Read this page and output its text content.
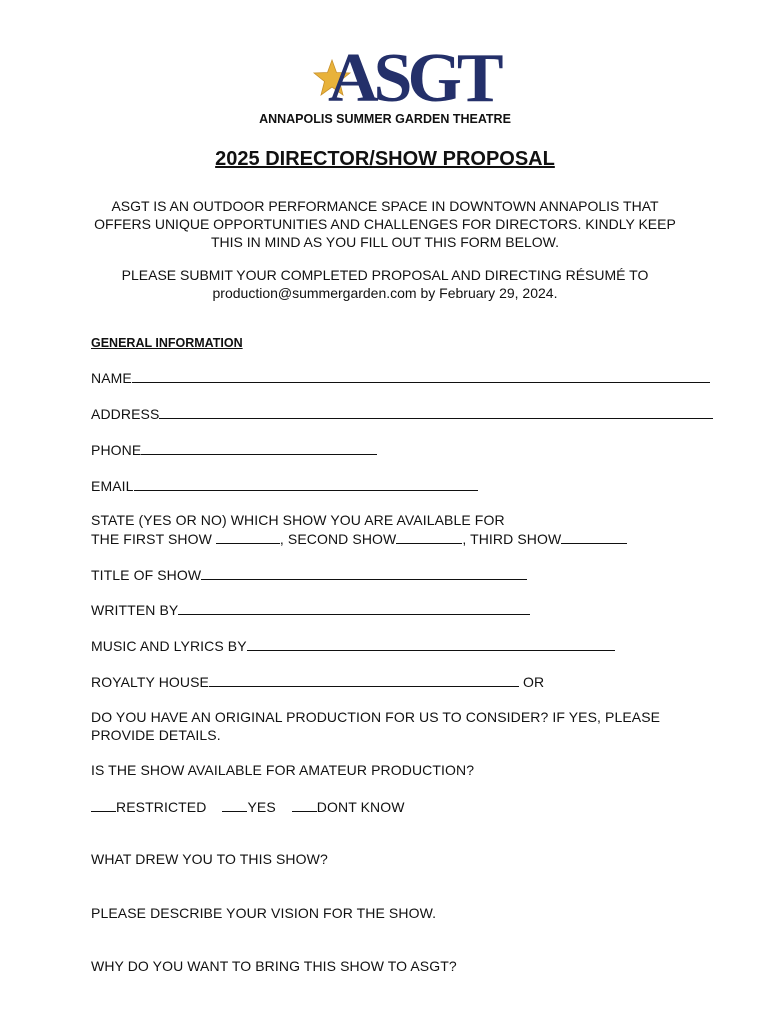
ASGT
ANNAPOLIS SUMMER GARDEN THEATRE
2025 DIRECTOR/SHOW PROPOSAL
ASGT IS AN OUTDOOR PERFORMANCE SPACE IN DOWNTOWN ANNAPOLIS THAT
OFFERS UNIQUE OPPORTUNITIES AND CHALLENGES FOR DIRECTORS. KINDLY KEEP
THIS IN MIND AS YOU FILL OUT THIS FORM BELOW.
PLEASE SUBMIT YOUR COMPLETED PROPOSAL AND DIRECTING RÉSUMÉ TO
production@summergarden.com by February 29, 2024.
GENERAL INFORMATION
NAME
ADDRESS
PHONE
EMAIL
STATE (YES OR NO) WHICH SHOW YOU ARE AVAILABLE FOR
THE FIRST SHOW	, SECOND SHOW	, THIRD SHOW
TITLE OF SHOW
WRITTEN BY
MUSIC AND LYRICS BY
ROYALTY HOUSE	OR
DO YOU HAVE AN ORIGINAL PRODUCTION FOR US TO CONSIDER? IF YES, PLEASE
PROVIDE DETAILS.
IS THE SHOW AVAILABLE FOR AMATEUR PRODUCTION?
RESTRICTED	YES	DONT KNOW
WHAT DREW YOU TO THIS SHOW?
PLEASE DESCRIBE YOUR VISION FOR THE SHOW.
WHY DO YOU WANT TO BRING THIS SHOW TO ASGT?
